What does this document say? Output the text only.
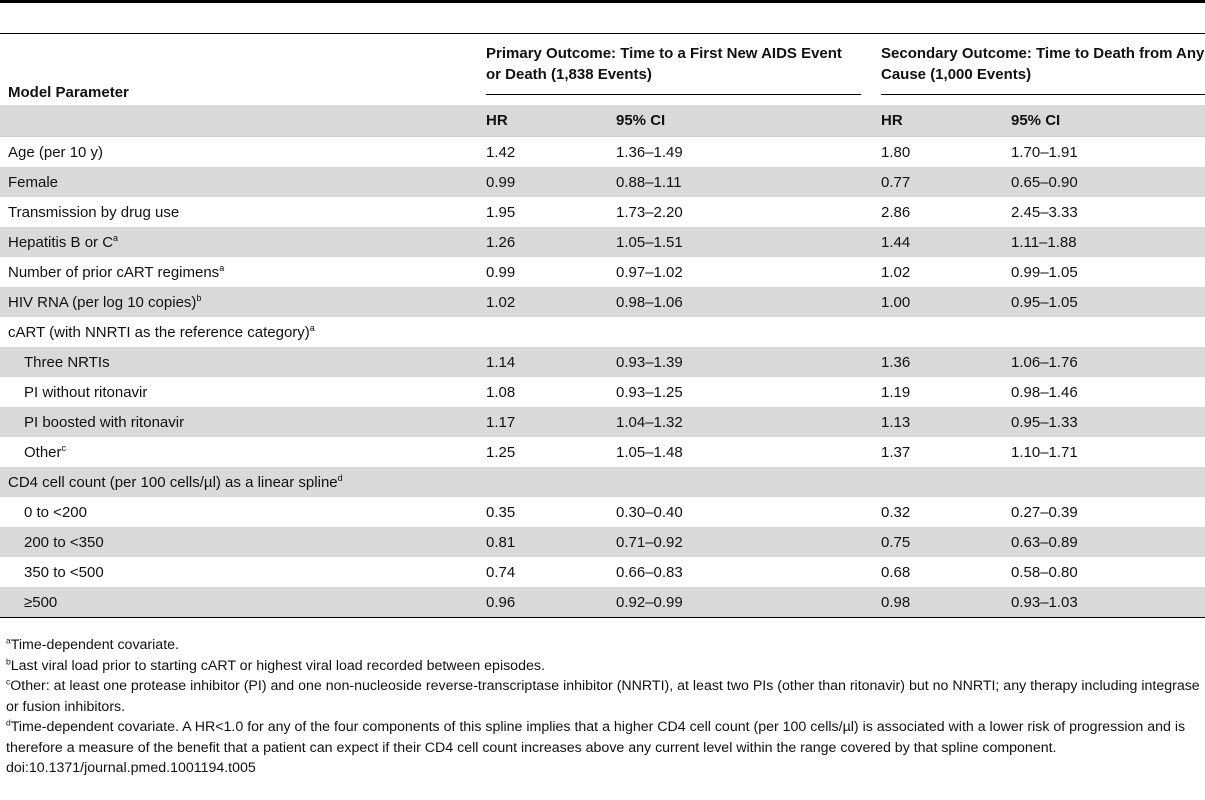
Model Parameter	Primary Outcome: Time to a First New AIDS Event or Death (1,838 Events)		Secondary Outcome: Time to Death from Any Cause (1,000 Events)	

	HR	95% CI	HR	95% CI
Age (per 10 y)	1.42	1.36–1.49	1.80	1.70–1.91
Female	0.99	0.88–1.11	0.77	0.65–0.90
Transmission by drug use	1.95	1.73–2.20	2.86	2.45–3.33
Hepatitis B or $C^a$	1.26	1.05–1.51	1.44	1.11–1.88
Number of prior cART regimens$^a$	0.99	0.97–1.02	1.02	0.99–1.05
HIV RNA (per log 10 copies)$^b$	1.02	0.98–1.06	1.00	0.95–1.05
cART (with NNRTI as the reference category)$^a$				
Three NRTIs	1.14	0.93–1.39	1.36	1.06–1.76
PI without ritonavir	1.08	0.93–1.25	1.19	0.98–1.46
PI boosted with ritonavir	1.17	1.04–1.32	1.13	0.95–1.33
Other$^c$	1.25	1.05–1.48	1.37	1.10–1.71
CD4 cell count (per 100 cells/µl) as a linear spline$^d$				
0 to <200	0.35	0.30–0.40	0.32	0.27–0.39
200 to <350	0.81	0.71–0.92	0.75	0.63–0.89
350 to <500	0.74	0.66–0.83	0.68	0.58–0.80
≥500	0.96	0.92–0.99	0.98	0.93–1.03

$^a$Time-dependent covariate.

$^b$Last viral load prior to starting cART or highest viral load recorded between episodes.

$^c$Other: at least one protease inhibitor (PI) and one non-nucleoside reverse-transcriptase inhibitor (NNRTI), at least two PIs (other than ritonavir) but no NNRTI; any therapy including integrase or fusion inhibitors.

$^d$Time-dependent covariate. A HR<1.0 for any of the four components of this spline implies that a higher CD4 cell count (per 100 cells/µl) is associated with a lower risk of progression and is therefore a measure of the benefit that a patient can expect if their CD4 cell count increases above any current level within the range covered by that spline component.

doi:10.1371/journal.pmed.1001194.t005
